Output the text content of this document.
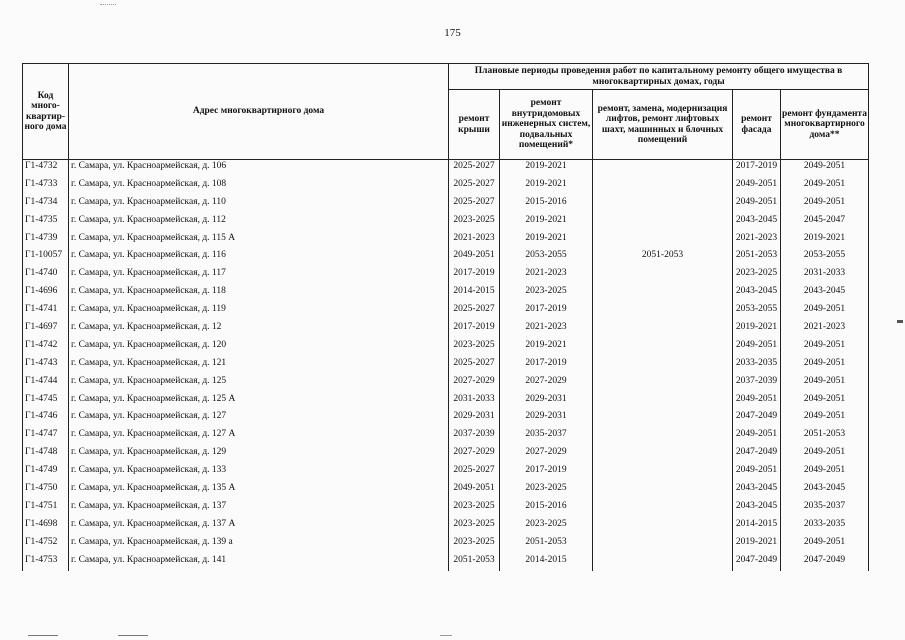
175
Код много-квартир-ного дома	Адрес многоквартирного дома	Плановые периоды проведения работ по капитальному ремонту общего имущества в многоквартирных домах, годы				
		ремонт крыши	ремонт внутридомовых инженерных систем, подвальных помещений*	ремонт, замена, модернизация лифтов, ремонт лифтовых шахт, машинных и блочных помещений	ремонт фасада	ремонт фундамента многоквартирного дома**
Г1-4732	г. Самара, ул. Красноармейская, д. 106	2025-2027	2019-2021		2017-2019	2049-2051
Г1-4733	г. Самара, ул. Красноармейская, д. 108	2025-2027	2019-2021		2049-2051	2049-2051
Г1-4734	г. Самара, ул. Красноармейская, д. 110	2025-2027	2015-2016		2049-2051	2049-2051
Г1-4735	г. Самара, ул. Красноармейская, д. 112	2023-2025	2019-2021		2043-2045	2045-2047
Г1-4739	г. Самара, ул. Красноармейская, д. 115 А	2021-2023	2019-2021		2021-2023	2019-2021
Г1-10057	г. Самара, ул. Красноармейская, д. 116	2049-2051	2053-2055	2051-2053	2051-2053	2053-2055
Г1-4740	г. Самара, ул. Красноармейская, д. 117	2017-2019	2021-2023		2023-2025	2031-2033
Г1-4696	г. Самара, ул. Красноармейская, д. 118	2014-2015	2023-2025		2043-2045	2043-2045
Г1-4741	г. Самара, ул. Красноармейская, д. 119	2025-2027	2017-2019		2053-2055	2049-2051
Г1-4697	г. Самара, ул. Красноармейская, д. 12	2017-2019	2021-2023		2019-2021	2021-2023
Г1-4742	г. Самара, ул. Красноармейская, д. 120	2023-2025	2019-2021		2049-2051	2049-2051
Г1-4743	г. Самара, ул. Красноармейская, д. 121	2025-2027	2017-2019		2033-2035	2049-2051
Г1-4744	г. Самара, ул. Красноармейская, д. 125	2027-2029	2027-2029		2037-2039	2049-2051
Г1-4745	г. Самара, ул. Красноармейская, д. 125 А	2031-2033	2029-2031		2049-2051	2049-2051
Г1-4746	г. Самара, ул. Красноармейская, д. 127	2029-2031	2029-2031		2047-2049	2049-2051
Г1-4747	г. Самара, ул. Красноармейская, д. 127 А	2037-2039	2035-2037		2049-2051	2051-2053
Г1-4748	г. Самара, ул. Красноармейская, д. 129	2027-2029	2027-2029		2047-2049	2049-2051
Г1-4749	г. Самара, ул. Красноармейская, д. 133	2025-2027	2017-2019		2049-2051	2049-2051
Г1-4750	г. Самара, ул. Красноармейская, д. 135 А	2049-2051	2023-2025		2043-2045	2043-2045
Г1-4751	г. Самара, ул. Красноармейская, д. 137	2023-2025	2015-2016		2043-2045	2035-2037
Г1-4698	г. Самара, ул. Красноармейская, д. 137 А	2023-2025	2023-2025		2014-2015	2033-2035
Г1-4752	г. Самара, ул. Красноармейская, д. 139 а	2023-2025	2051-2053		2019-2021	2049-2051
Г1-4753	г. Самара, ул. Красноармейская, д. 141	2051-2053	2014-2015		2047-2049	2047-2049
